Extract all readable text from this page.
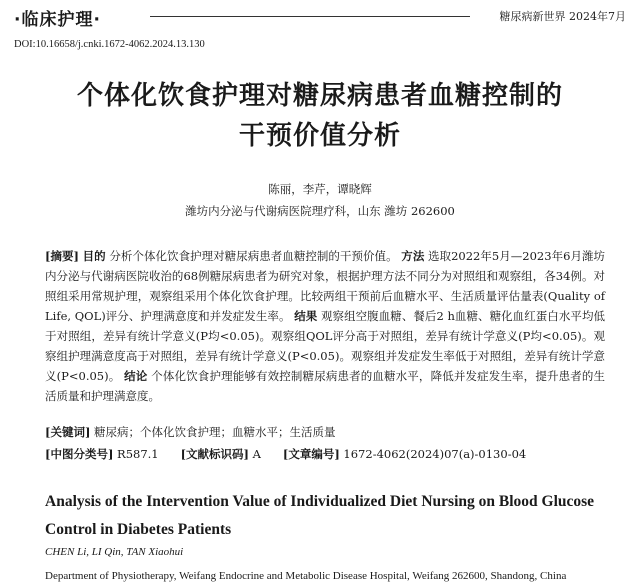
·临床护理·	糖尿病新世界 2024年7月
DOI:10.16658/j.cnki.1672-4062.2024.13.130
个体化饮食护理对糖尿病患者血糖控制的
干预价值分析
陈丽，李芹，谭晓辉
潍坊内分泌与代谢病医院理疗科，山东 潍坊 262600
[摘要] 目的 分析个体化饮食护理对糖尿病患者血糖控制的干预价值。 方法 选取2022年5月—2023年6月潍坊内分泌与代谢病医院收治的68例糖尿病患者为研究对象，根据护理方法不同分为对照组和观察组，各34例。对照组采用常规护理，观察组采用个体化饮食护理。比较两组干预前后血糖水平、生活质量评估量表(Quality of Life, QOL)评分、护理满意度和并发症发生率。 结果 观察组空腹血糖、餐后2 h血糖、糖化血红蛋白水平均低于对照组，差异有统计学意义(P均<0.05)。观察组QOL评分高于对照组，差异有统计学意义(P均<0.05)。观察组护理满意度高于对照组，差异有统计学意义(P<0.05)。观察组并发症发生率低于对照组，差异有统计学意义(P<0.05)。 结论 个体化饮食护理能够有效控制糖尿病患者的血糖水平，降低并发症发生率，提升患者的生活质量和护理满意度。
[关键词] 糖尿病；个体化饮食护理；血糖水平；生活质量
[中图分类号] R587.1 [文献标识码] A [文章编号] 1672-4062(2024)07(a)-0130-04
Analysis of the Intervention Value of Individualized Diet Nursing on Blood Glucose Control in Diabetes Patients
CHEN Li, LI Qin, TAN Xiaohui
Department of Physiotherapy, Weifang Endocrine and Metabolic Disease Hospital, Weifang 262600, Shandong, China
